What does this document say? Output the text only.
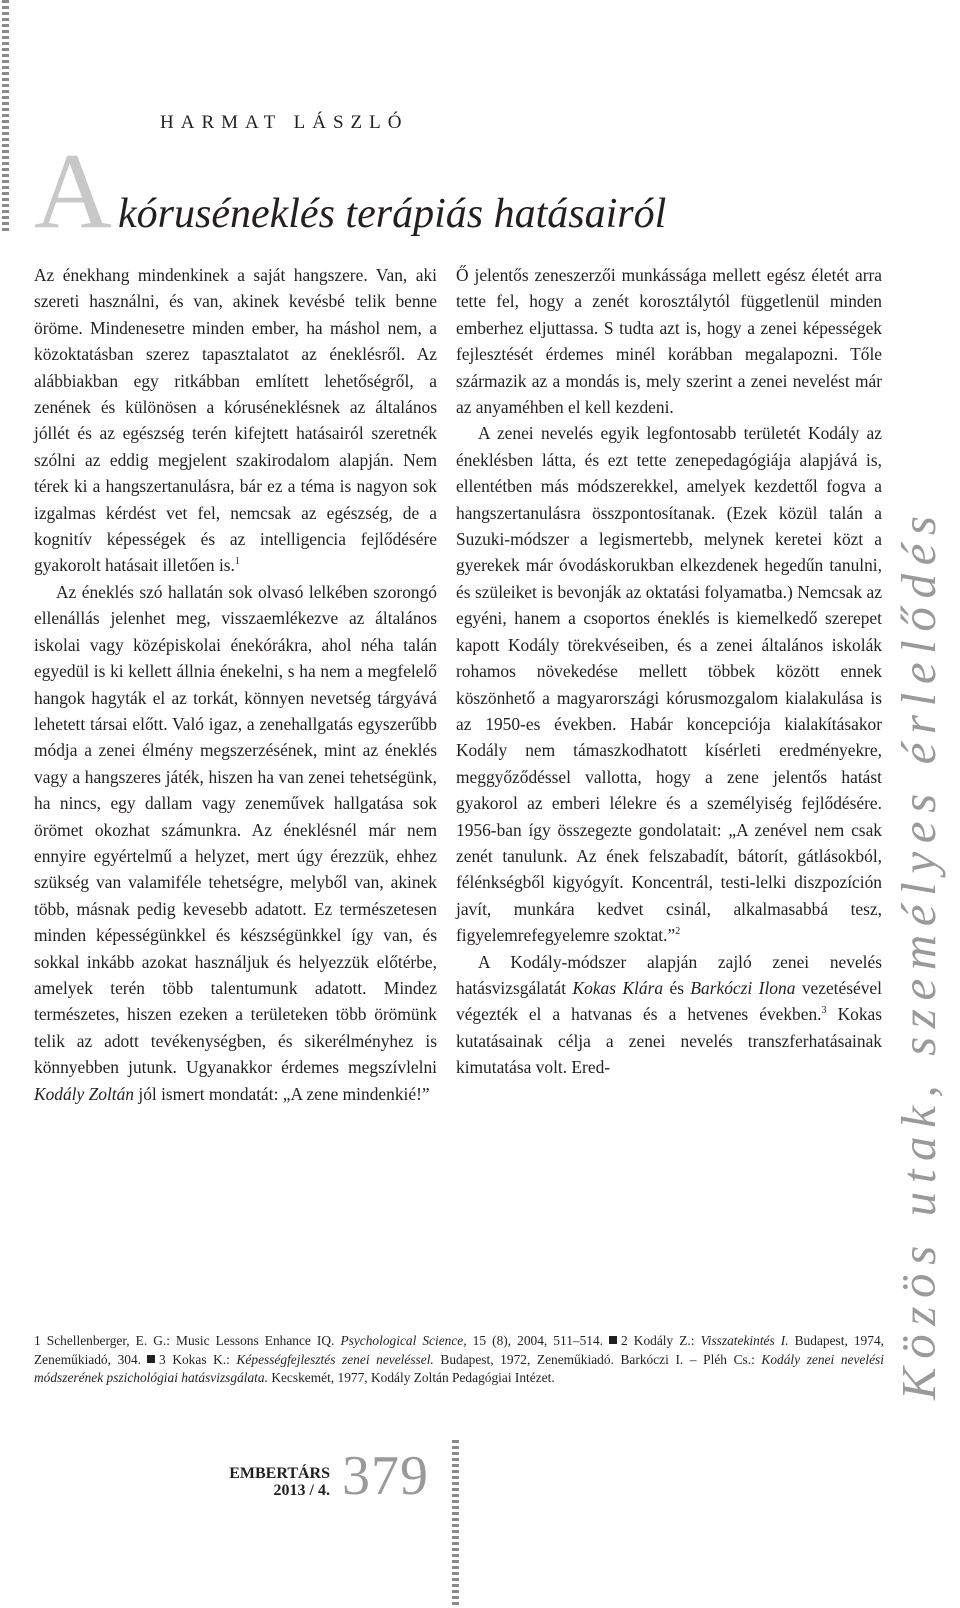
HARMAT LÁSZLÓ
Akóruséneklés terápiás hatásairól

Az énekhang mindenkinek a saját hangszere. Van, aki szereti használni, és van, akinek kevésbé telik benne öröme. Mindenesetre minden ember, ha máshol nem, a közoktatásban szerez tapasztalatot az éneklésről. Az alábbiakban egy ritkábban említett lehetőségről, a zenének és különösen a kóruséneklésnek az általános jóllét és az egészség terén kifejtett hatásairól szeretnék szólni az eddig megjelent szakirodalom alapján. Nem térek ki a hangszertanulásra, bár ez a téma is nagyon sok izgalmas kérdést vet fel, nemcsak az egészség, de a kognitív képességek és az intelligencia fejlődésére gyakorolt hatásait illetően is.$^1$

Az éneklés szó hallatán sok olvasó lelkében szorongó ellenállás jelenhet meg, visszaemlékezve az általános iskolai vagy középiskolai énekórákra, ahol néha talán egyedül is ki kellett állnia énekelni, s ha nem a megfelelő hangok hagyták el az torkát, könnyen nevetség tárgyává lehetett társai előtt. Való igaz, a zenehallgatás egyszerűbb módja a zenei élmény megszerzésének, mint az éneklés vagy a hangszeres játék, hiszen ha van zenei tehetségünk, ha nincs, egy dallam vagy zeneművek hallgatása sok örömet okozhat számunkra. Az éneklésnél már nem ennyire egyértelmű a helyzet, mert úgy érezzük, ehhez szükség van valamiféle tehetségre, melyből van, akinek több, másnak pedig kevesebb adatott. Ez természetesen minden képességünkkel és készségünkkel így van, és sokkal inkább azokat használjuk és helyezzük előtérbe, amelyek terén több talentumunk adatott. Mindez természetes, hiszen ezeken a területeken több örömünk telik az adott tevékenységben, és sikerélményhez is könnyebben jutunk. Ugyanakkor érdemes megszívlelni Kodály Zoltán jól ismert mondatát: „A zene mindenkié!”

Ő jelentős zeneszerzői munkássága mellett egész életét arra tette fel, hogy a zenét korosztálytól függetlenül minden emberhez eljuttassa. S tudta azt is, hogy a zenei képességek fejlesztését érdemes minél korábban megalapozni. Tőle származik az a mondás is, mely szerint a zenei nevelést már az anyaméhben el kell kezdeni.

A zenei nevelés egyik legfontosabb területét Kodály az éneklésben látta, és ezt tette zenepedagógiája alapjává is, ellentétben más módszerekkel, amelyek kezdettől fogva a hangszertanulásra összpontosítanak. (Ezek közül talán a Suzuki-módszer a legismertebb, melynek keretei közt a gyerekek már óvodáskorukban elkezdenek hegedűn tanulni, és szüleiket is bevonják az oktatási folyamatba.) Nemcsak az egyéni, hanem a csoportos éneklés is kiemelkedő szerepet kapott Kodály törekvéseiben, és a zenei általános iskolák rohamos növekedése mellett többek között ennek köszönhető a magyarországi kórusmozgalom kialakulása is az 1950-es években. Habár koncepciója kialakításakor Kodály nem támaszkodhatott kísérleti eredményekre, meggyőződéssel vallotta, hogy a zene jelentős hatást gyakorol az emberi lélekre és a személyiség fejlődésére. 1956-ban így összegezte gondolatait: „A zenével nem csak zenét tanulunk. Az ének felszabadít, bátorít, gátlásokból, félénkségből kigyógyít. Koncentrál, testi-lelki diszpozíción javít, munkára kedvet csinál, alkalmasabbá tesz, figyelemrefegyelemre szoktat.”$^2$

A Kodály-módszer alapján zajló zenei nevelés hatásvizsgálatát Kokas Klára és Barkóczi Ilona vezetésével végezték el a hatvanas és a hetvenes években.$^3$ Kokas kutatásainak célja a zenei nevelés transzferhatásainak kimutatása volt. Ered-	Közös utak, személyes érlelődés
1 Schellenberger, E. G.: Music Lessons Enhance IQ. Psychological Science, 15 (8), 2004, 511–514. 2 Kodály Z.: Visszatekintés I. Budapest, 1974, Zeneműkiadó, 304. 3 Kokas K.: Képességfejlesztés zenei neveléssel. Budapest, 1972, Zeneműkiadó. Barkóczi I. – Pléh Cs.: Kodály zenei nevelési módszerének pszichológiai hatásvizsgálata. Kecskemét, 1977, Kodály Zoltán Pedagógiai Intézet.
EMBERTÁRS
2013 / 4. 379
